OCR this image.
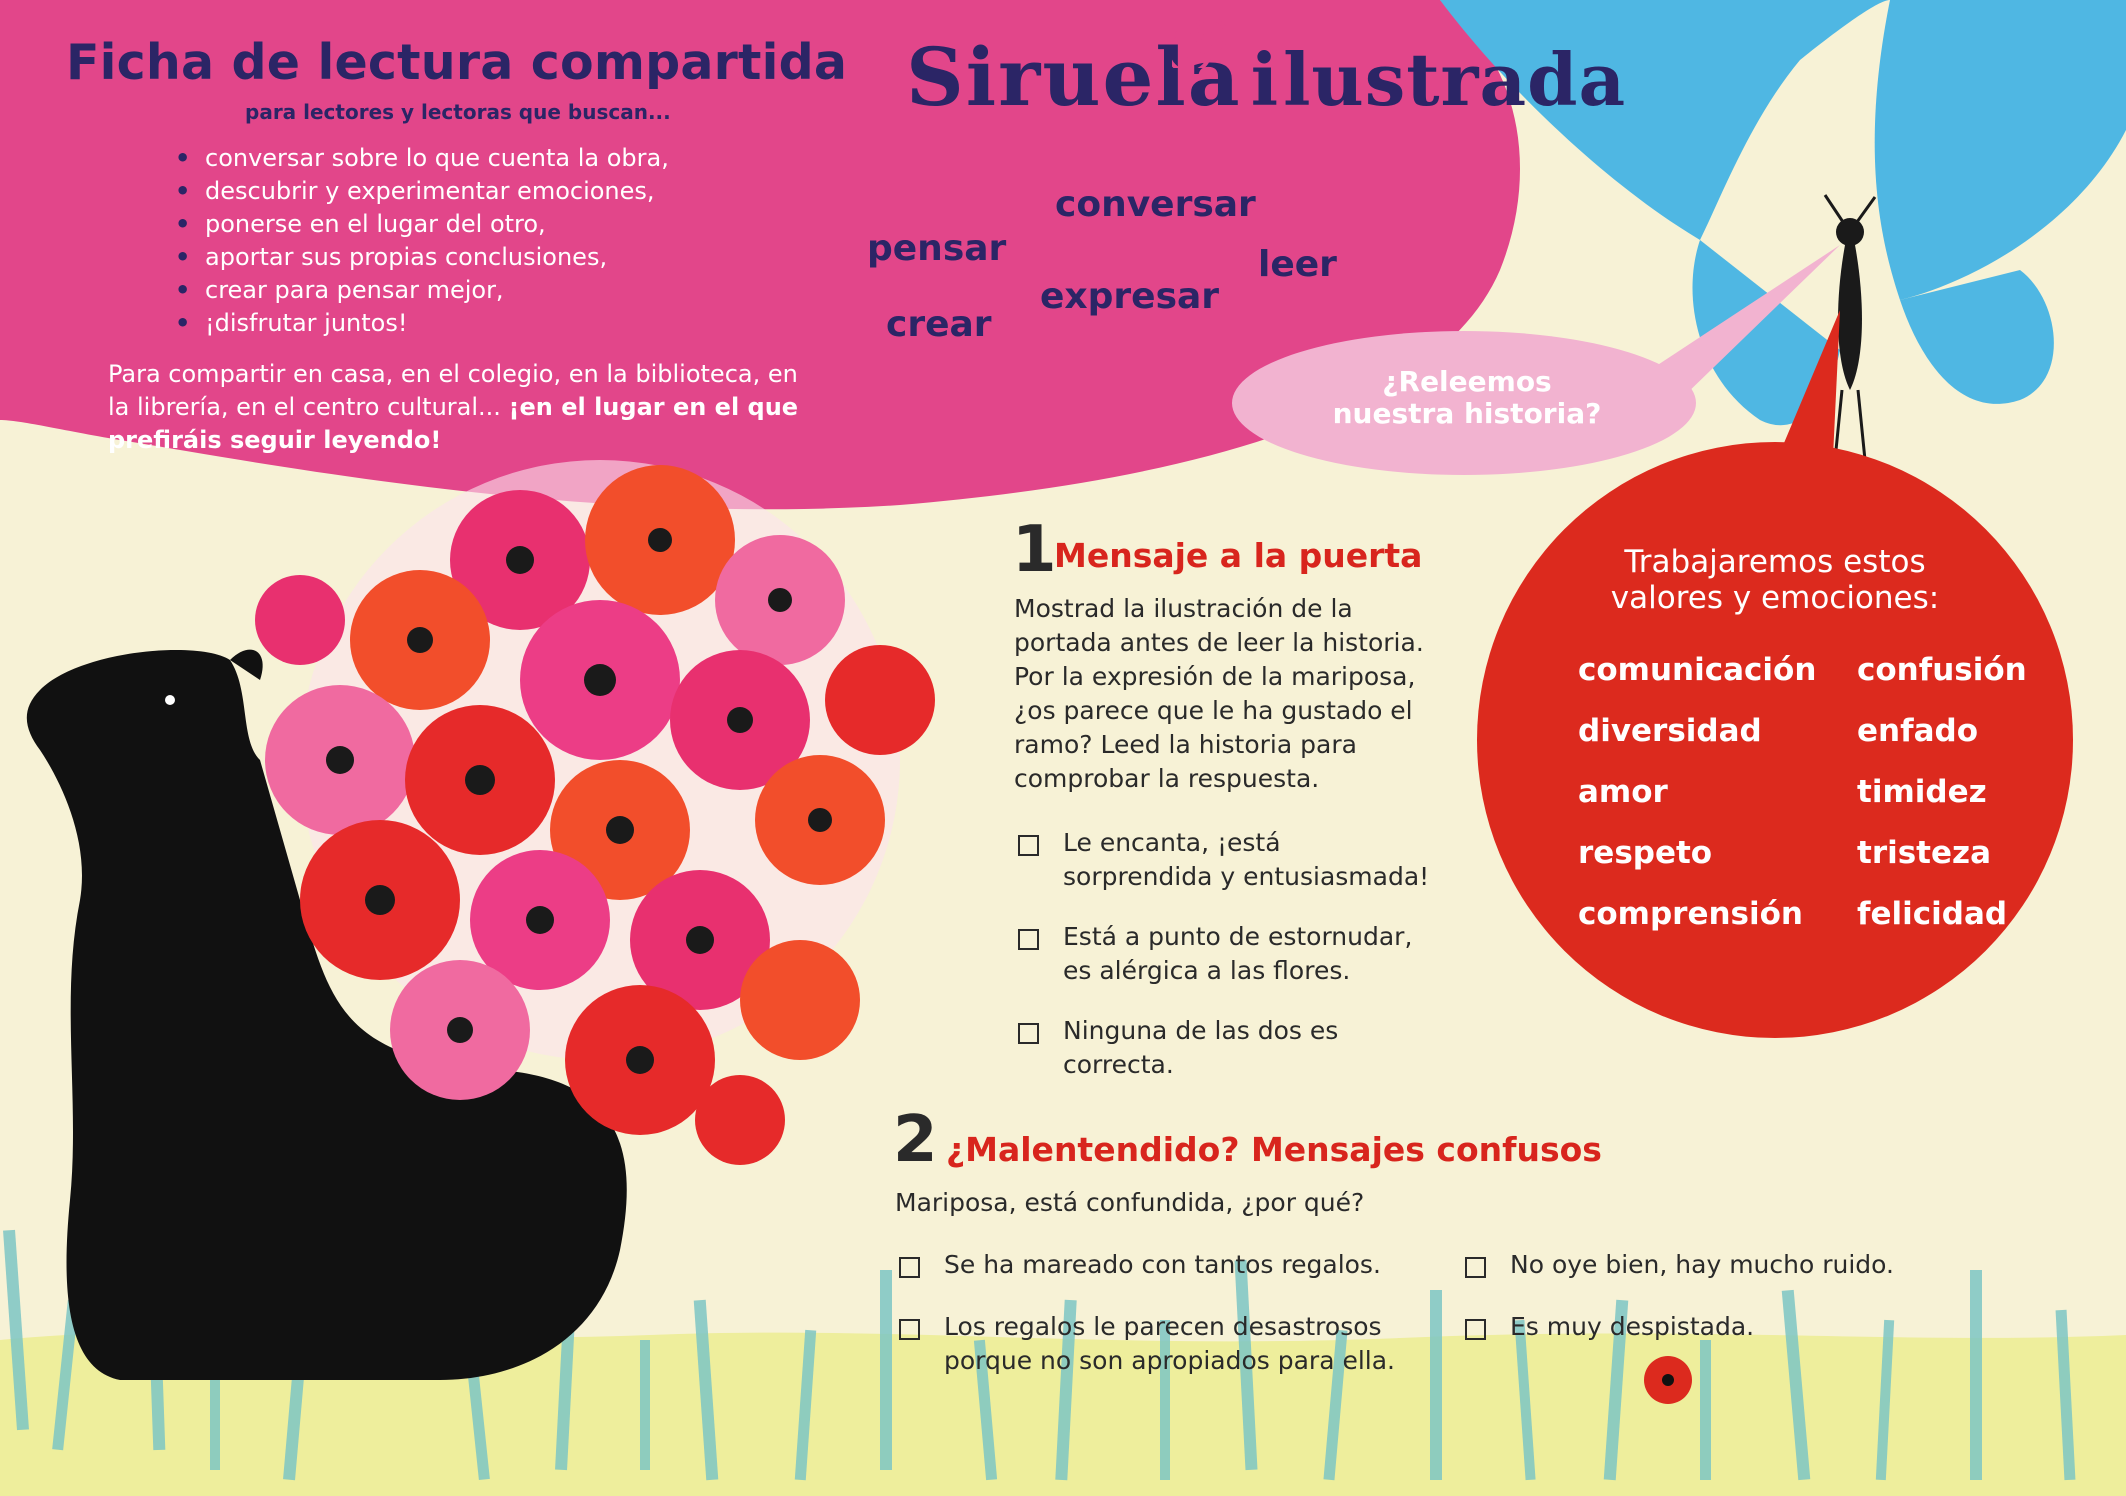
Ficha de lectura compartida
para lectores y lectoras que buscan...
• conversar sobre lo que cuenta la obra,
• descubrir y experimentar emociones,
• ponerse en el lugar del otro,
• aportar sus propias conclusiones,
• crear para pensar mejor,
• ¡disfrutar juntos!
Para compartir en casa, en el colegio, en la biblioteca, en la librería, en el centro cultural... ¡en el lugar en el que prefiráis seguir leyendo!
Siruela ilustrada
conversar
pensar	leer
expresar
crear
¿Releemos
nuestra historia?
1
Mensaje a la puerta
Mostrad la ilustración de la portada antes de leer la historia. Por la expresión de la mariposa, ¿os parece que le ha gustado el ramo? Leed la historia para comprobar la respuesta.
Le encanta, ¡está sorprendida y entusiasmada!
Está a punto de estornudar, es alérgica a las flores.
Ninguna de las dos es correcta.
2 ¿Malentendido? Mensajes confusos
Mariposa, está confundida, ¿por qué?
Se ha mareado con tantos regalos.
Los regalos le parecen desastrosos porque no son apropiados para ella.
No oye bien, hay mucho ruido.
Es muy despistada.
Trabajaremos estos
valores y emociones:
comunicación
diversidad
amor
respeto
comprensión
confusión
enfado
timidez
tristeza
felicidad
